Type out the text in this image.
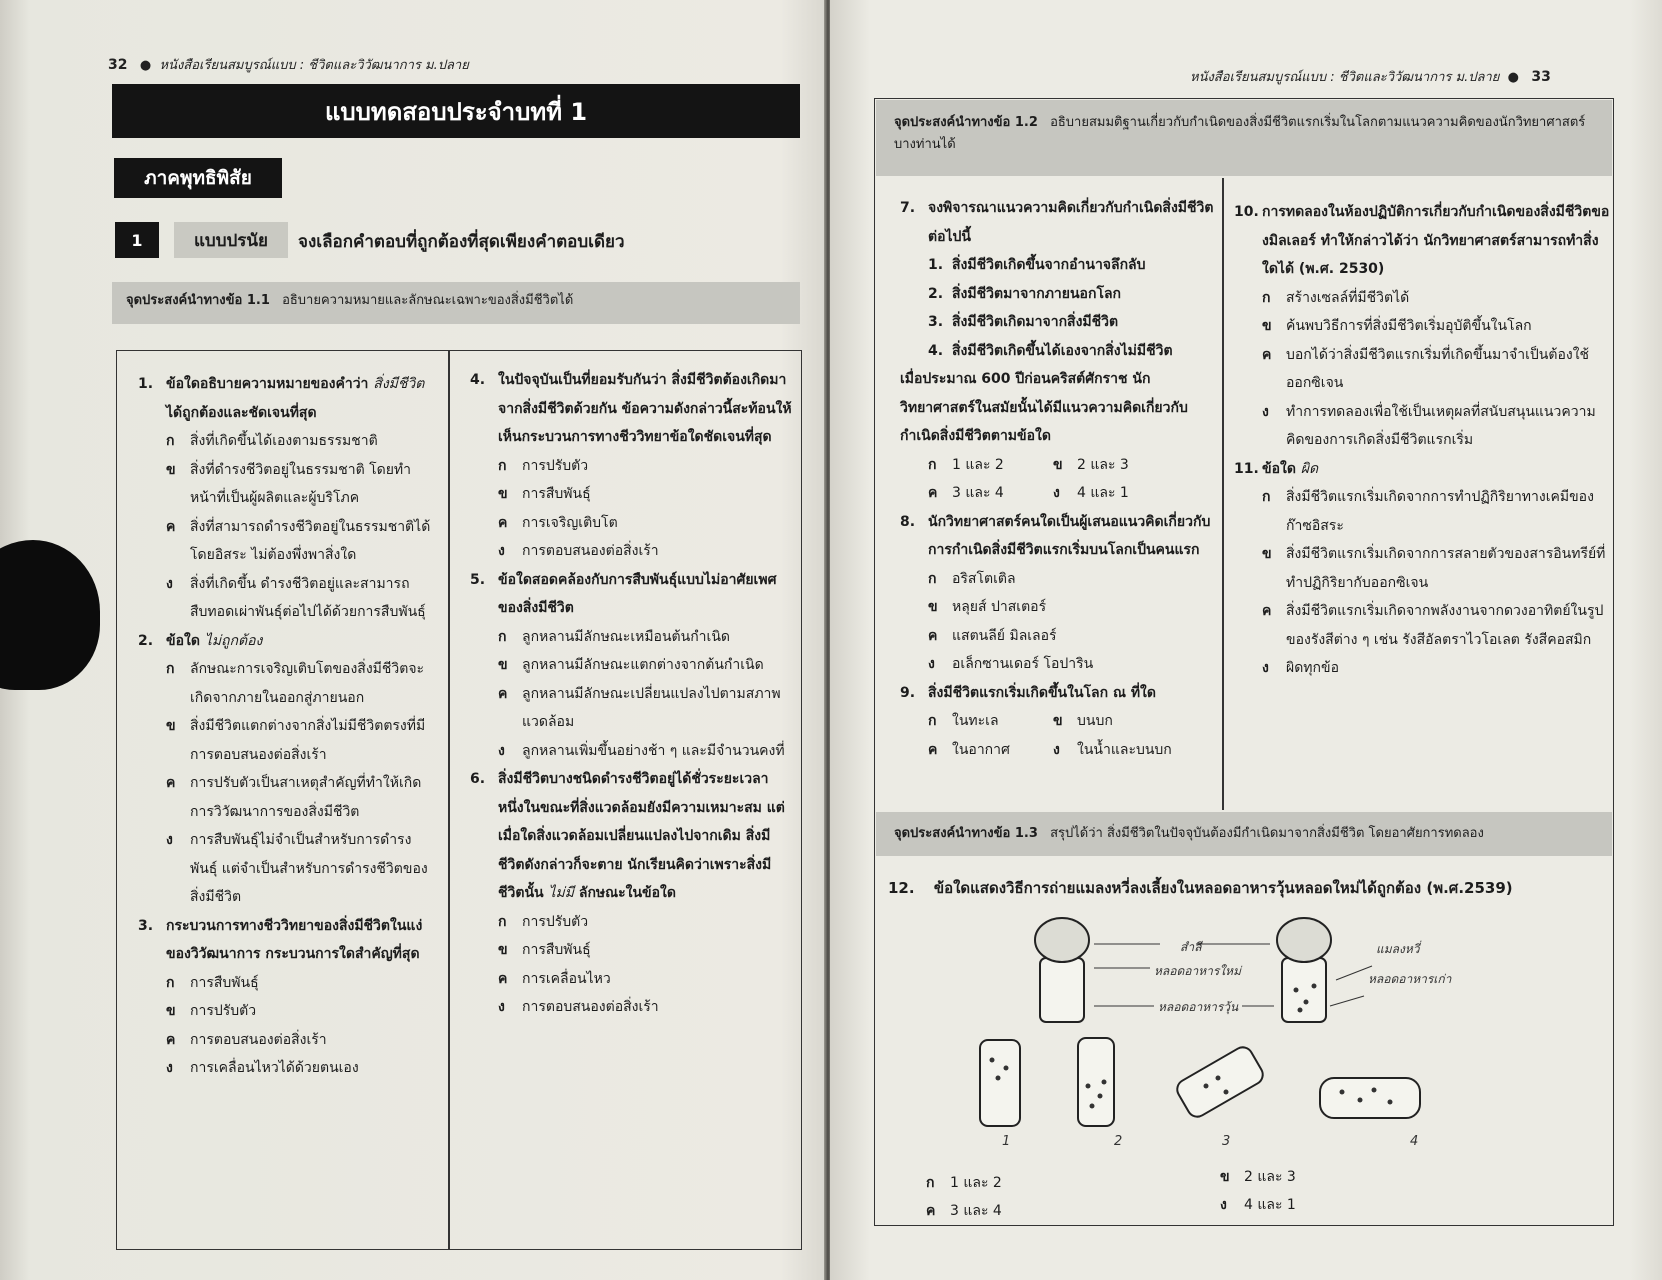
32 ● หนังสือเรียนสมบูรณ์แบบ : ชีวิตและวิวัฒนาการ ม.ปลาย
แบบทดสอบประจำบทที่ 1
ภาคพุทธิพิสัย
1	แบบปรนัย	จงเลือกคำตอบที่ถูกต้องที่สุดเพียงคำตอบเดียว
จุดประสงค์นำทางข้อ 1.1 อธิบายความหมายและลักษณะเฉพาะของสิ่งมีชีวิตได้
1. ข้อใดอธิบายความหมายของคำว่า สิ่งมีชีวิต ได้ถูกต้องและชัดเจนที่สุด
ก	สิ่งที่เกิดขึ้นได้เองตามธรรมชาติ
ข	สิ่งที่ดำรงชีวิตอยู่ในธรรมชาติ โดยทำหน้าที่เป็นผู้ผลิตและผู้บริโภค
ค	สิ่งที่สามารถดำรงชีวิตอยู่ในธรรมชาติได้โดยอิสระ ไม่ต้องพึ่งพาสิ่งใด
ง	สิ่งที่เกิดขึ้น ดำรงชีวิตอยู่และสามารถสืบทอดเผ่าพันธุ์ต่อไปได้ด้วยการสืบพันธุ์
2. ข้อใด ไม่ถูกต้อง
ก	ลักษณะการเจริญเติบโตของสิ่งมีชีวิตจะเกิดจากภายในออกสู่ภายนอก
ข	สิ่งมีชีวิตแตกต่างจากสิ่งไม่มีชีวิตตรงที่มีการตอบสนองต่อสิ่งเร้า
ค	การปรับตัวเป็นสาเหตุสำคัญที่ทำให้เกิดการวิวัฒนาการของสิ่งมีชีวิต
ง	การสืบพันธุ์ไม่จำเป็นสำหรับการดำรงพันธุ์ แต่จำเป็นสำหรับการดำรงชีวิตของสิ่งมีชีวิต
3. กระบวนการทางชีววิทยาของสิ่งมีชีวิตในแง่ของวิวัฒนาการ กระบวนการใดสำคัญที่สุด
ก	การสืบพันธุ์
ข	การปรับตัว
ค	การตอบสนองต่อสิ่งเร้า
ง	การเคลื่อนไหวได้ด้วยตนเอง
4. ในปัจจุบันเป็นที่ยอมรับกันว่า สิ่งมีชีวิตต้องเกิดมาจากสิ่งมีชีวิตด้วยกัน ข้อความดังกล่าวนี้สะท้อนให้เห็นกระบวนการทางชีววิทยาข้อใดชัดเจนที่สุด
ก	การปรับตัว
ข	การสืบพันธุ์
ค	การเจริญเติบโต
ง	การตอบสนองต่อสิ่งเร้า
5. ข้อใดสอดคล้องกับการสืบพันธุ์แบบไม่อาศัยเพศของสิ่งมีชีวิต
ก	ลูกหลานมีลักษณะเหมือนต้นกำเนิด
ข	ลูกหลานมีลักษณะแตกต่างจากต้นกำเนิด
ค	ลูกหลานมีลักษณะเปลี่ยนแปลงไปตามสภาพแวดล้อม
ง	ลูกหลานเพิ่มขึ้นอย่างช้า ๆ และมีจำนวนคงที่
6. สิ่งมีชีวิตบางชนิดดำรงชีวิตอยู่ได้ชั่วระยะเวลาหนึ่งในขณะที่สิ่งแวดล้อมยังมีความเหมาะสม แต่เมื่อใดสิ่งแวดล้อมเปลี่ยนแปลงไปจากเดิม สิ่งมีชีวิตดังกล่าวก็จะตาย นักเรียนคิดว่าเพราะสิ่งมีชีวิตนั้น ไม่มี ลักษณะในข้อใด
ก	การปรับตัว
ข	การสืบพันธุ์
ค	การเคลื่อนไหว
ง	การตอบสนองต่อสิ่งเร้า
หนังสือเรียนสมบูรณ์แบบ : ชีวิตและวิวัฒนาการ ม.ปลาย ● 33
จุดประสงค์นำทางข้อ 1.2 อธิบายสมมติฐานเกี่ยวกับกำเนิดของสิ่งมีชีวิตแรกเริ่มในโลกตามแนวความคิดของนักวิทยาศาสตร์บางท่านได้
7. จงพิจารณาแนวความคิดเกี่ยวกับกำเนิดสิ่งมีชีวิตต่อไปนี้
1. สิ่งมีชีวิตเกิดขึ้นจากอำนาจลึกลับ
2. สิ่งมีชีวิตมาจากภายนอกโลก
3. สิ่งมีชีวิตเกิดมาจากสิ่งมีชีวิต
4. สิ่งมีชีวิตเกิดขึ้นได้เองจากสิ่งไม่มีชีวิต
เมื่อประมาณ 600 ปีก่อนคริสต์ศักราช นักวิทยาศาสตร์ในสมัยนั้นได้มีแนวความคิดเกี่ยวกับกำเนิดสิ่งมีชีวิตตามข้อใด
ก	1 และ 2	ข	2 และ 3
ค	3 และ 4	ง	4 และ 1
8. นักวิทยาศาสตร์คนใดเป็นผู้เสนอแนวคิดเกี่ยวกับการกำเนิดสิ่งมีชีวิตแรกเริ่มบนโลกเป็นคนแรก
ก	อริสโตเติล
ข	หลุยส์ ปาสเตอร์
ค	แสตนลีย์ มิลเลอร์
ง	อเล็กซานเดอร์ โอปาริน
9. สิ่งมีชีวิตแรกเริ่มเกิดขึ้นในโลก ณ ที่ใด
ก	ในทะเล	ข	บนบก
ค	ในอากาศ	ง	ในน้ำและบนบก
10. การทดลองในห้องปฏิบัติการเกี่ยวกับกำเนิดของสิ่งมีชีวิตของมิลเลอร์ ทำให้กล่าวได้ว่า นักวิทยาศาสตร์สามารถทำสิ่งใดได้ (พ.ศ. 2530)
ก	สร้างเซลล์ที่มีชีวิตได้
ข	ค้นพบวิธีการที่สิ่งมีชีวิตเริ่มอุบัติขึ้นในโลก
ค	บอกได้ว่าสิ่งมีชีวิตแรกเริ่มที่เกิดขึ้นมาจำเป็นต้องใช้ออกซิเจน
ง	ทำการทดลองเพื่อใช้เป็นเหตุผลที่สนับสนุนแนวความคิดของการเกิดสิ่งมีชีวิตแรกเริ่ม
11. ข้อใด ผิด
ก	สิ่งมีชีวิตแรกเริ่มเกิดจากการทำปฏิกิริยาทางเคมีของก๊าซอิสระ
ข	สิ่งมีชีวิตแรกเริ่มเกิดจากการสลายตัวของสารอินทรีย์ที่ทำปฏิกิริยากับออกซิเจน
ค	สิ่งมีชีวิตแรกเริ่มเกิดจากพลังงานจากดวงอาทิตย์ในรูปของรังสีต่าง ๆ เช่น รังสีอัลตราไวโอเลต รังสีคอสมิก
ง	ผิดทุกข้อ
จุดประสงค์นำทางข้อ 1.3 สรุปได้ว่า สิ่งมีชีวิตในปัจจุบันต้องมีกำเนิดมาจากสิ่งมีชีวิต โดยอาศัยการทดลอง
12. ข้อใดแสดงวิธีการถ่ายแมลงหวี่ลงเลี้ยงในหลอดอาหารวุ้นหลอดใหม่ได้ถูกต้อง (พ.ศ.2539)
สำลี
หลอดอาหารใหม่
หลอดอาหารวุ้น
แมลงหวี่
หลอดอาหารเก่า
1	2	3	4
ก	1 และ 2	ข	2 และ 3
ค	3 และ 4	ง	4 และ 1
